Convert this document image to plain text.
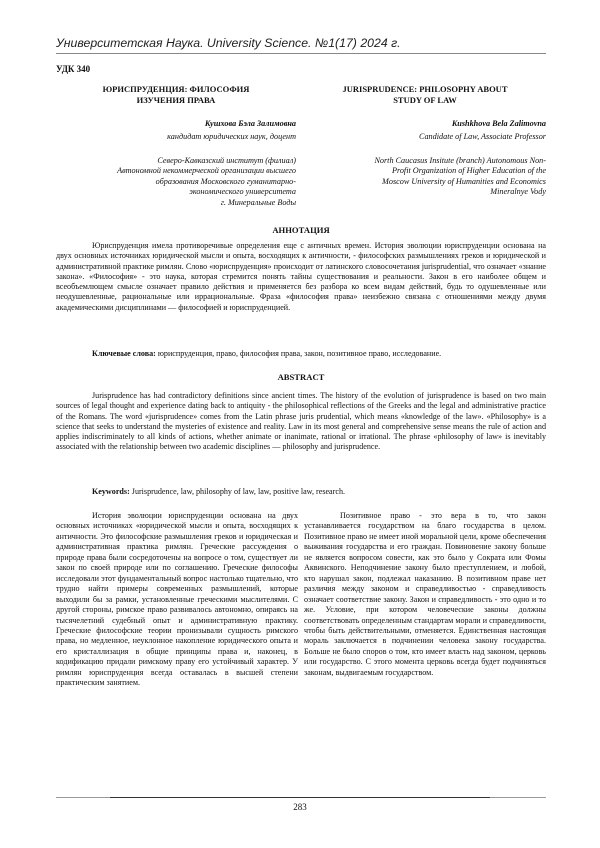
Университетская Наука. University Science. №1(17) 2024 г.
УДК 340
ЮРИСПРУДЕНЦИЯ: ФИЛОСОФИЯ
ИЗУЧЕНИЯ ПРАВА
Кушхова Бэла Залимовна
кандидат юридических наук, доцент
Северо-Кавказский институт (филиал)
Автономной некоммерческой организации высшего
образования Московского гуманитарно-
экономического университета
г. Минеральные Воды
JURISPRUDENCE: PHILOSOPHY ABOUT
STUDY OF LAW
Kushkhova Bela Zalimovna
Candidate of Law, Associate Professor
North Caucasus Insitute (branch) Autonomous Non-
Profit Organization of Higher Education of the
Moscow University of Humanities and Economics
Mineralnye Vody
АННОТАЦИЯ
Юриспруденция имела противоречивые определения еще с античных времен. История эволюции юриспруденции основана на двух основных источниках юридической мысли и опыта, восходящих к античности, - философских размышлениях греков и юридической и административной практике римлян. Слово «юриспруденция» происходит от латинского словосочетания jurisprudential, что означает «знание закона». «Философия» - это наука, которая стремится понять тайны существования и реальности. Закон в его наиболее общем и всеобъемлющем смысле означает правило действия и применяется без разбора ко всем видам действий, будь то одушевленные или неодушевленные, рациональные или иррациональные. Фраза «философия права» неизбежно связана с отношениями между двумя академическими дисциплинами — философией и юриспруденцией.
Ключевые слова: юриспруденция, право, философия права, закон, позитивное право, исследование.
ABSTRACT
Jurisprudence has had contradictory definitions since ancient times. The history of the evolution of jurisprudence is based on two main sources of legal thought and experience dating back to antiquity - the philosophical reflections of the Greeks and the legal and administrative practice of the Romans. The word «jurisprudence» comes from the Latin phrase juris prudential, which means «knowledge of the law». «Philosophy» is a science that seeks to understand the mysteries of existence and reality. Law in its most general and comprehensive sense means the rule of action and applies indiscriminately to all kinds of actions, whether animate or inanimate, rational or irrational. The phrase «philosophy of law» is inevitably associated with the relationship between two academic disciplines — philosophy and jurisprudence.
Keywords: Jurisprudence, law, philosophy of law, law, positive law, research.
История эволюции юриспруденции основана на двух основных источниках «юридической мысли и опыта, восходящих к античности. Это философские размышления греков и юридическая и административная практика римлян. Греческие рассуждения о природе права были сосредоточены на вопросе о том, существует ли закон по своей природе или по соглашению. Греческие философы исследовали этот фундаментальный вопрос настолько тщательно, что трудно найти примеры современных размышлений, которые выходили бы за рамки, установленные греческими мыслителями. С другой стороны, римское право развивалось автономно, опираясь на тысячелетний судебный опыт и административную практику. Греческие философские теории пронизывали сущность римского права, но медленное, неуклонное накопление юридического опыта и его кристаллизация в общие принципы права и, наконец, в кодификацию придали римскому праву его устойчивый характер. У римлян юриспруденция всегда оставалась в высшей степени практическим занятием.
Позитивное право - это вера в то, что закон устанавливается государством на благо государства в целом. Позитивное право не имеет иной моральной цели, кроме обеспечения выживания государства и его граждан. Повиновение закону больше не является вопросом совести, как это было у Сократа или Фомы Аквинского. Неподчинение закону было преступлением, и любой, кто нарушал закон, подлежал наказанию. В позитивном праве нет различия между законом и справедливостью - справедливость означает соответствие закону. Закон и справедливость - это одно и то же. Условие, при котором человеческие законы должны соответствовать определенным стандартам морали и справедливости, чтобы быть действительными, отменяется. Единственная настоящая мораль заключается в подчинении человека закону государства. Больше не было споров о том, кто имеет власть над законом, церковь или государство. С этого момента церковь всегда будет подчиняться законам, выдвигаемым государством.
283
